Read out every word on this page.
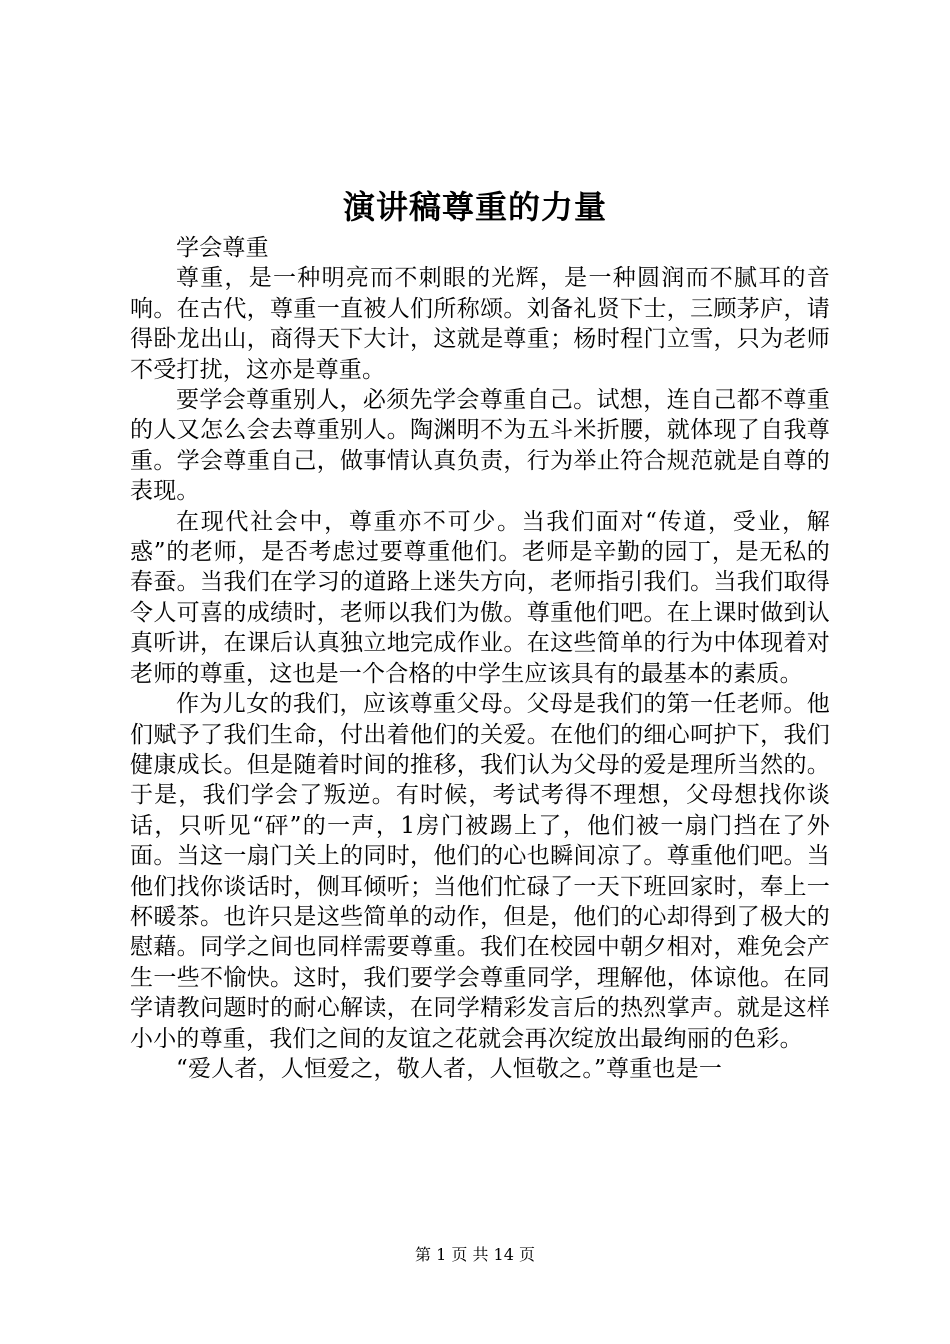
演讲稿尊重的力量

学会尊重

尊重，是一种明亮而不刺眼的光辉，是一种圆润而不腻耳的音响。在古代，尊重一直被人们所称颂。刘备礼贤下士，三顾茅庐，请得卧龙出山，商得天下大计，这就是尊重；杨时程门立雪，只为老师不受打扰，这亦是尊重。

要学会尊重别人，必须先学会尊重自己。试想，连自己都不尊重的人又怎么会去尊重别人。陶渊明不为五斗米折腰，就体现了自我尊重。学会尊重自己，做事情认真负责，行为举止符合规范就是自尊的表现。

在现代社会中，尊重亦不可少。当我们面对“传道，受业，解惑”的老师，是否考虑过要尊重他们。老师是辛勤的园丁，是无私的春蚕。当我们在学习的道路上迷失方向，老师指引我们。当我们取得令人可喜的成绩时，老师以我们为傲。尊重他们吧。在上课时做到认真听讲，在课后认真独立地完成作业。在这些简单的行为中体现着对老师的尊重，这也是一个合格的中学生应该具有的最基本的素质。

作为儿女的我们，应该尊重父母。父母是我们的第一任老师。他们赋予了我们生命，付出着他们的关爱。在他们的细心呵护下，我们健康成长。但是随着时间的推移，我们认为父母的爱是理所当然的。于是，我们学会了叛逆。有时候，考试考得不理想，父母想找你谈话，只听见“砰”的一声，1房门被踢上了，他们被一扇门挡在了外面。当这一扇门关上的同时，他们的心也瞬间凉了。尊重他们吧。当他们找你谈话时，侧耳倾听；当他们忙碌了一天下班回家时，奉上一杯暖茶。也许只是这些简单的动作，但是，他们的心却得到了极大的慰藉。同学之间也同样需要尊重。我们在校园中朝夕相对，难免会产生一些不愉快。这时，我们要学会尊重同学，理解他，体谅他。在同学请教问题时的耐心解读，在同学精彩发言后的热烈掌声。就是这样小小的尊重，我们之间的友谊之花就会再次绽放出最绚丽的色彩。

“爱人者，人恒爱之，敬人者，人恒敬之。”尊重也是一

第 1 页 共 14 页
